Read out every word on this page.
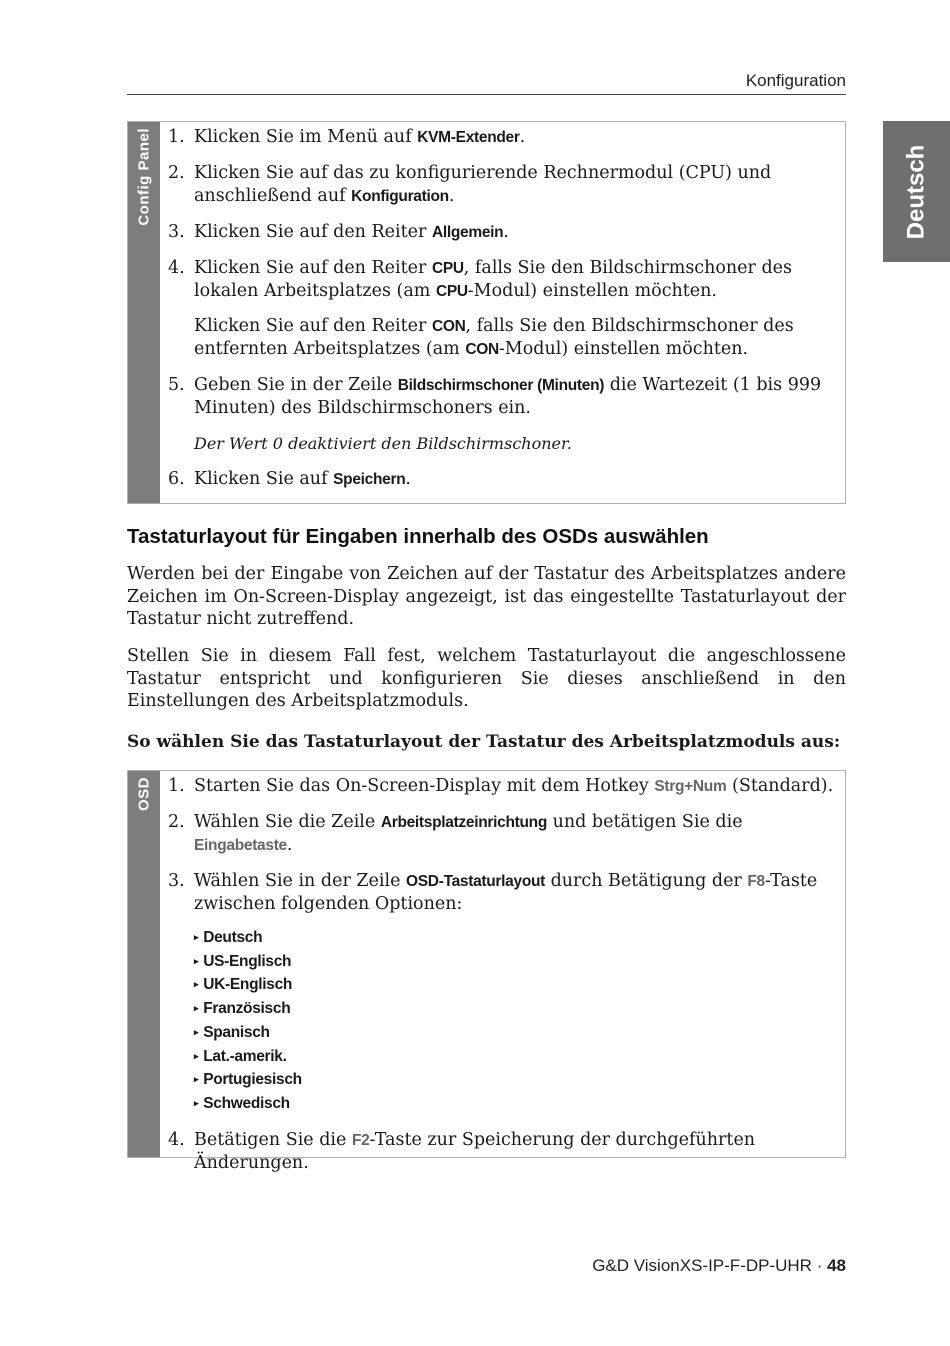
Konfiguration
Deutsch
Config Panel 1. Klicken Sie im Menü auf KVM-Extender.
2. Klicken Sie auf das zu konfigurierende Rechnermodul (CPU) und anschließend auf Konfiguration.
3. Klicken Sie auf den Reiter Allgemein.
4. Klicken Sie auf den Reiter CPU, falls Sie den Bildschirmschoner des lokalen Arbeitsplatzes (am CPU-Modul) einstellen möchten.

Klicken Sie auf den Reiter CON, falls Sie den Bildschirmschoner des entfernten Arbeitsplatzes (am CON-Modul) einstellen möchten.

5. Geben Sie in der Zeile Bildschirmschoner (Minuten) die Wartezeit (1 bis 999 Minuten) des Bildschirmschoners ein.

Der Wert 0 deaktiviert den Bildschirmschoner.

6. Klicken Sie auf Speichern.
Tastaturlayout für Eingaben innerhalb des OSDs auswählen

Werden bei der Eingabe von Zeichen auf der Tastatur des Arbeitsplatzes andere Zeichen im On-Screen-Display angezeigt, ist das eingestellte Tastaturlayout der Tastatur nicht zutreffend.

Stellen Sie in diesem Fall fest, welchem Tastaturlayout die angeschlossene Tastatur entspricht und konfigurieren Sie dieses anschließend in den Einstellungen des Arbeitsplatzmoduls.

So wählen Sie das Tastaturlayout der Tastatur des Arbeitsplatzmoduls aus:

OSD 1. Starten Sie das On-Screen-Display mit dem Hotkey Strg+Num (Standard).
2. Wählen Sie die Zeile Arbeitsplatzeinrichtung und betätigen Sie die Eingabetaste.
3. Wählen Sie in der Zeile OSD-Tastaturlayout durch Betätigung der F8-Taste zwischen folgenden Optionen:
▸ Deutsch
▸ US-Englisch
▸ UK-Englisch
▸ Französisch
▸ Spanisch
▸ Lat.-amerik.
▸ Portugiesisch
▸ Schwedisch
4. Betätigen Sie die F2-Taste zur Speicherung der durchgeführten Änderungen.
G&D VisionXS-IP-F-DP-UHR · 48
